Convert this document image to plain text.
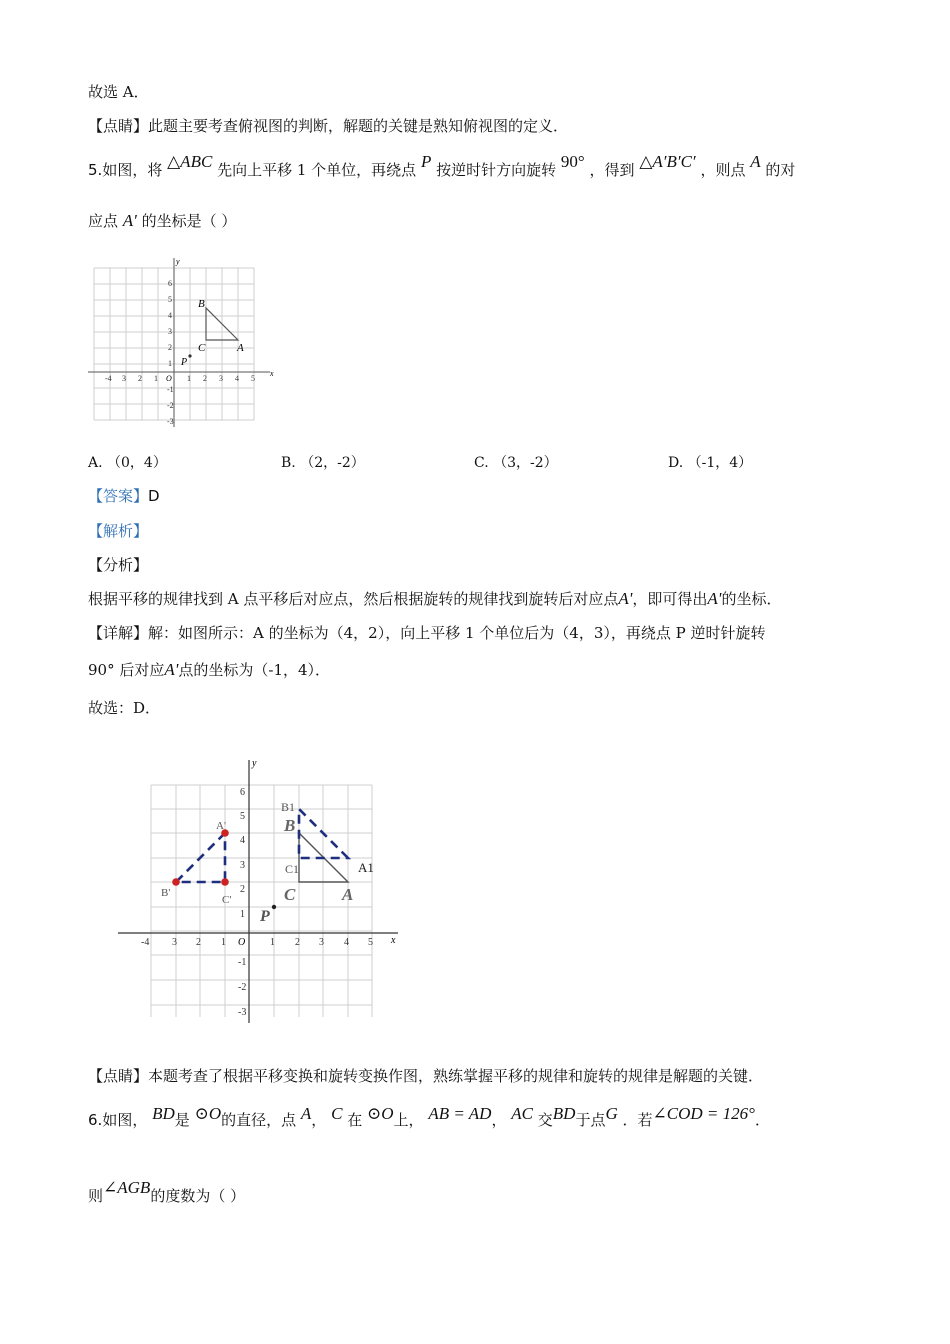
故选 A．
【点睛】此题主要考查俯视图的判断，解题的关键是熟知俯视图的定义．
5.如图，将 △ABC 先向上平移 1 个单位，再绕点 P 按逆时针方向旋转 90° ，得到 △A′B′C′ ，则点 A 的对
应点 A' 的坐标是（ ）
y
x
O
-4 3 2 1	1 2 3 4 5
6
5
4
3
2
1
-1
-2
-3
B
C	A
P
A. （0，4）	B. （2，-2）	C. （3，-2）	D. （-1，4）
【答案】D
【解析】
【分析】
根据平移的规律找到 A 点平移后对应点，然后根据旋转的规律找到旋转后对应点A'，即可得出A'的坐标．
【详解】解：如图所示：A 的坐标为（4，2），向上平移 1 个单位后为（4，3），再绕点 P 逆时针旋转
90° 后对应A'点的坐标为（-1，4）．
故选：D．
y
x
O
-4 3 2 1	1 2 3 4 5
6
5
4
3
2
1
-1
-2
-3
A'
B'
C'
B1
C1	A1
B
C	A
P
【点睛】本题考查了根据平移变换和旋转变换作图，熟练掌握平移的规律和旋转的规律是解题的关键．
6.如图， BD是 ⊙O的直径，点 A， C 在 ⊙O上， AB = AD， AC 交BD于点G ．若∠COD = 126°．
则∠AGB的度数为（ ）
